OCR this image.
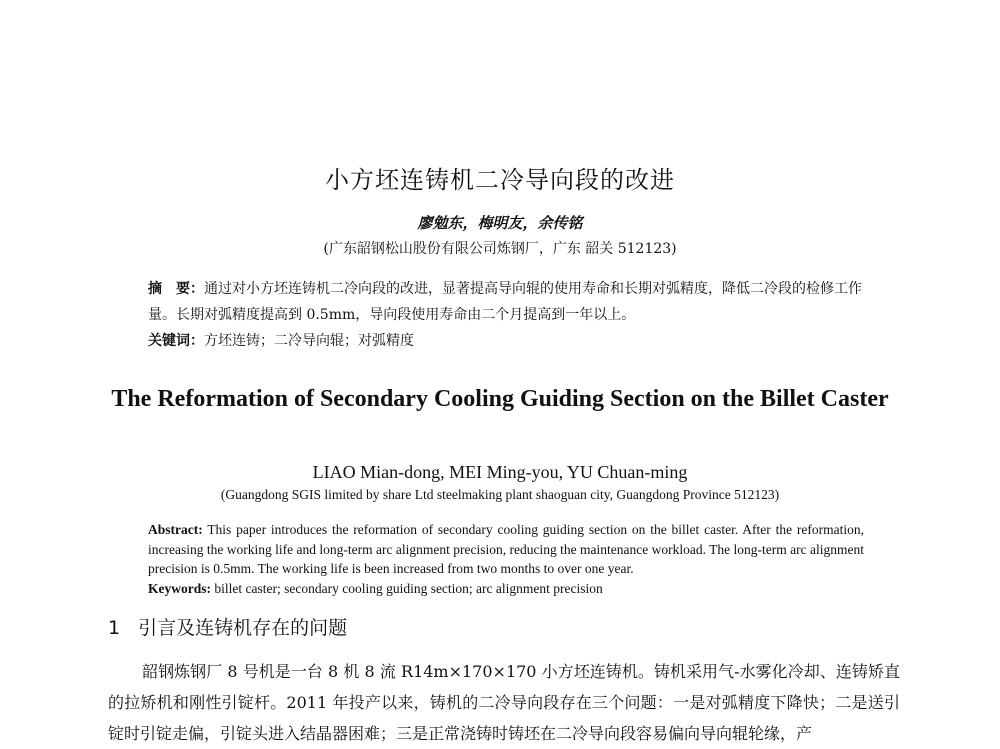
小方坯连铸机二冷导向段的改进
廖勉东，梅明友，余传铭
(广东韶钢松山股份有限公司炼钢厂，广东 韶关 512123)
摘　要：通过对小方坯连铸机二冷向段的改进，显著提高导向辊的使用寿命和长期对弧精度，降低二冷段的检修工作量。长期对弧精度提高到 0.5mm，导向段使用寿命由二个月提高到一年以上。
关键词：方坯连铸；二冷导向辊；对弧精度
The Reformation of Secondary Cooling Guiding Section on the Billet Caster
LIAO Mian-dong, MEI Ming-you, YU Chuan-ming
(Guangdong SGIS limited by share Ltd steelmaking plant shaoguan city, Guangdong Province 512123)
Abstract: This paper introduces the reformation of secondary cooling guiding section on the billet caster. After the reformation, increasing the working life and long-term arc alignment precision, reducing the maintenance workload. The long-term arc alignment precision is 0.5mm. The working life is been increased from two months to over one year.
Keywords: billet caster; secondary cooling guiding section; arc alignment precision
1 引言及连铸机存在的问题
韶钢炼钢厂 8 号机是一台 8 机 8 流 R14m×170×170 小方坯连铸机。铸机采用气-水雾化冷却、连铸矫直的拉矫机和刚性引锭杆。2011 年投产以来，铸机的二冷导向段存在三个问题：一是对弧精度下降快；二是送引锭时引锭走偏，引锭头进入结晶器困难；三是正常浇铸时铸坯在二冷导向段容易偏向导向辊轮缘，产
